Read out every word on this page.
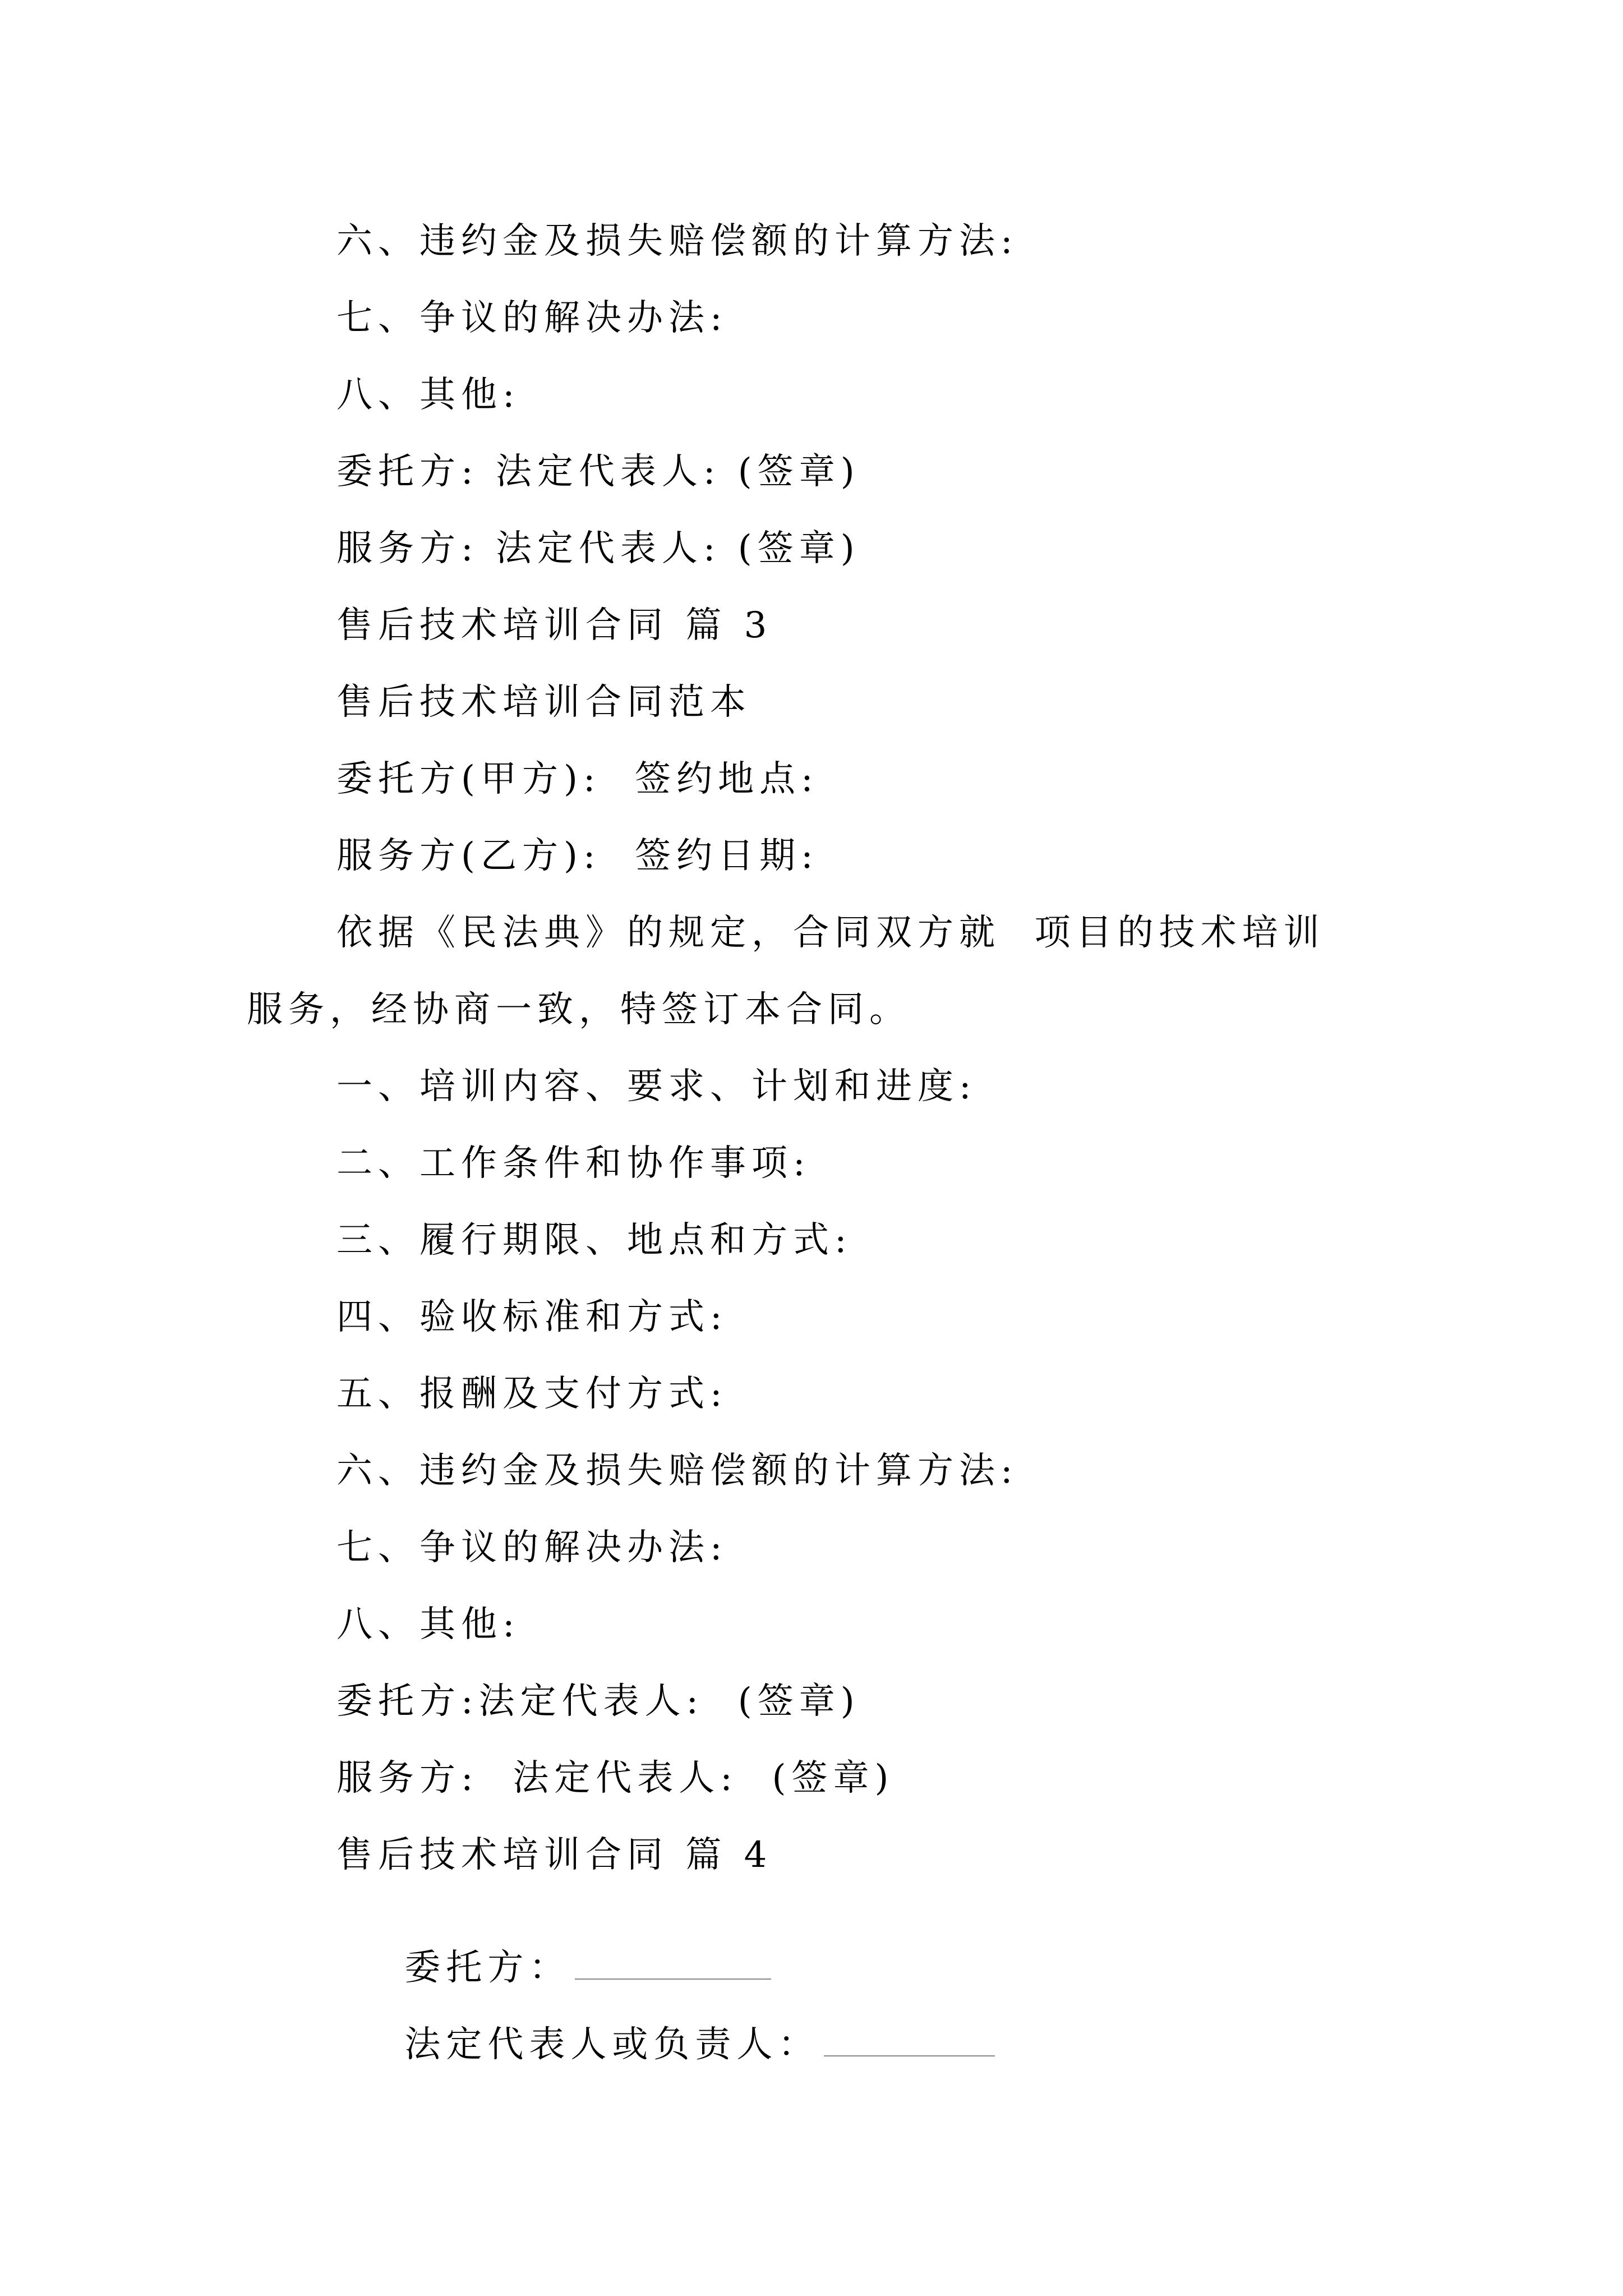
六、违约金及损失赔偿额的计算方法:
七、争议的解决办法:
八、其他:
委托方: 法定代表人: (签章)
服务方: 法定代表人: (签章)
售后技术培训合同 篇 3
售后技术培训合同范本
委托方(甲方):  签约地点:
服务方(乙方):  签约日期:
依据《民法典》的规定，合同双方就  项目的技术培训
服务，经协商一致，特签订本合同。
一、培训内容、要求、计划和进度:
二、工作条件和协作事项:
三、履行期限、地点和方式:
四、验收标准和方式:
五、报酬及支付方式:
六、违约金及损失赔偿额的计算方法:
七、争议的解决办法:
八、其他:
委托方:法定代表人:  (签章)
服务方:  法定代表人:  (签章)
售后技术培训合同 篇 4

委托方：

法定代表人或负责人：
